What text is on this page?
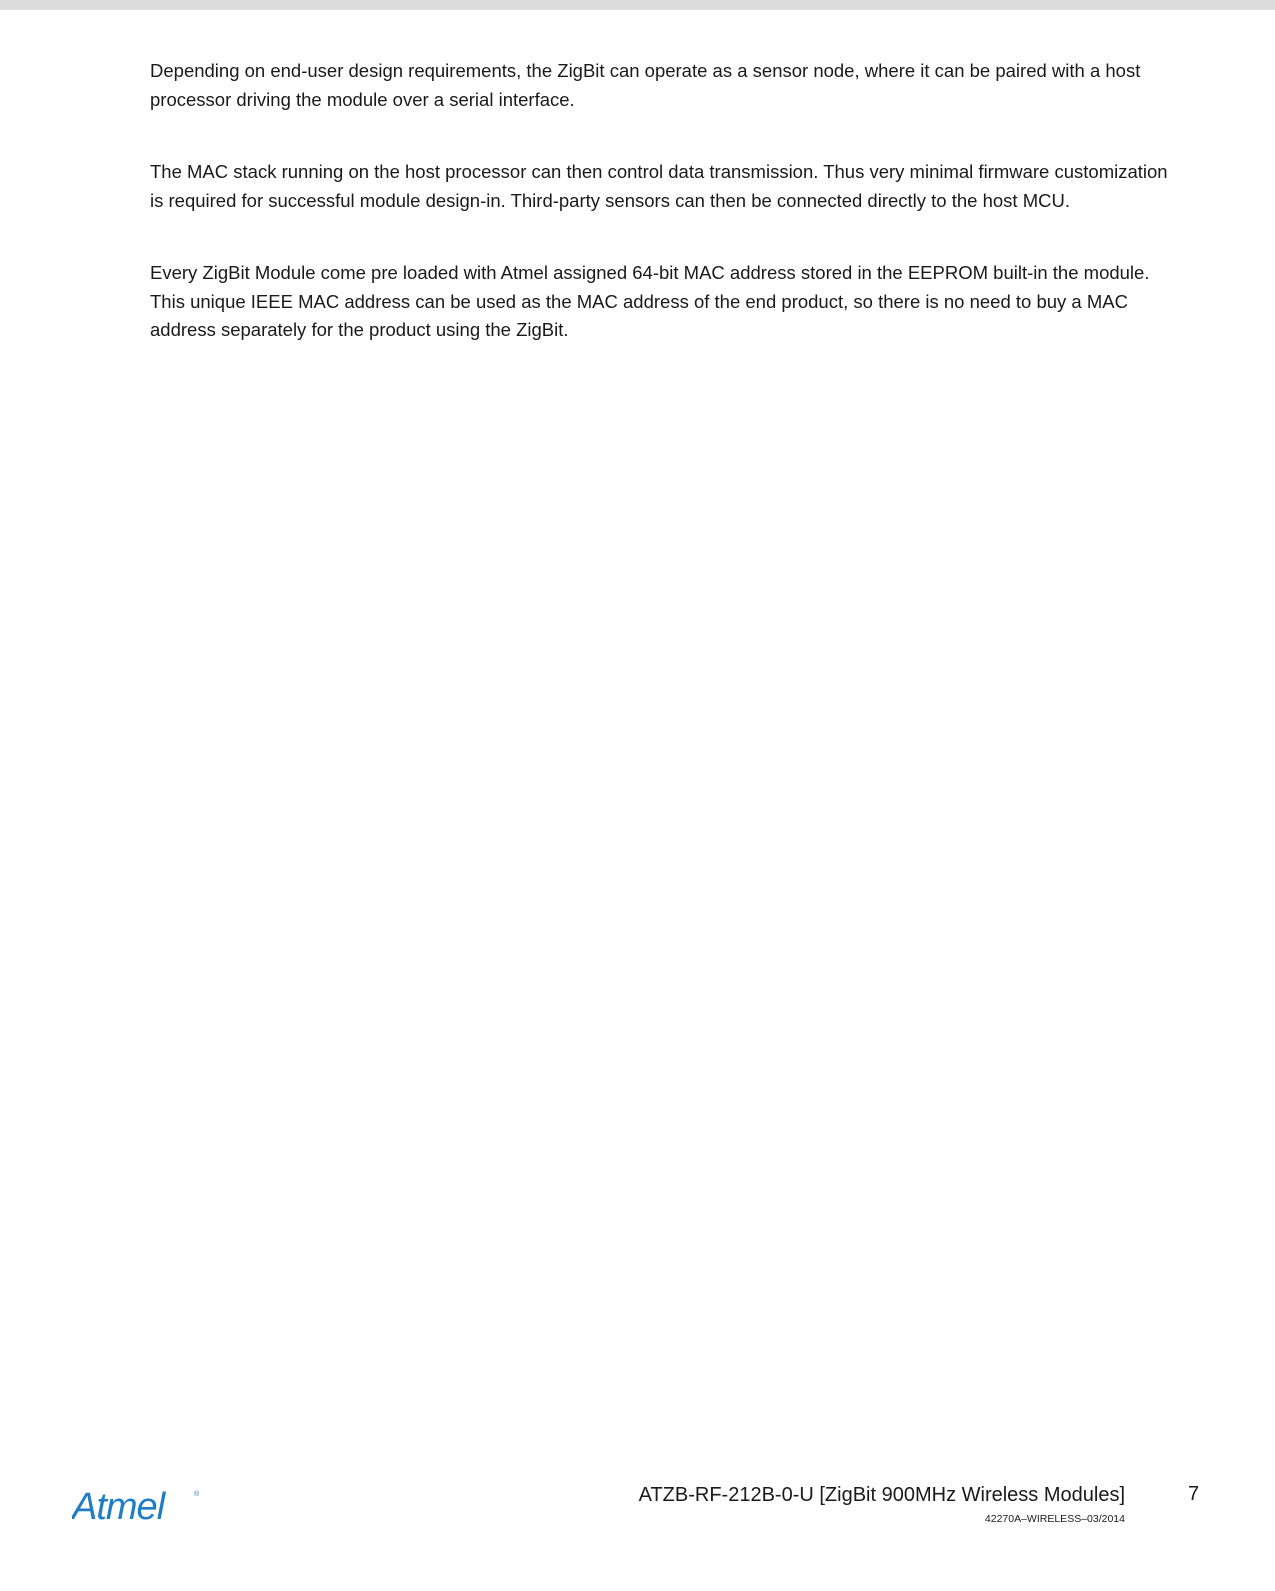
Depending on end-user design requirements, the ZigBit can operate as a sensor node, where it can be paired with a host processor driving the module over a serial interface.

The MAC stack running on the host processor can then control data transmission. Thus very minimal firmware customization is required for successful module design-in. Third-party sensors can then be connected directly to the host MCU.

Every ZigBit Module come pre loaded with Atmel assigned 64-bit MAC address stored in the EEPROM built-in the module. This unique IEEE MAC address can be used as the MAC address of the end product, so there is no need to buy a MAC address separately for the product using the ZigBit.

Atmel	®	ATZB-RF-212B-0-U [ZigBit 900MHz Wireless Modules]
42270A–WIRELESS–03/2014
7
